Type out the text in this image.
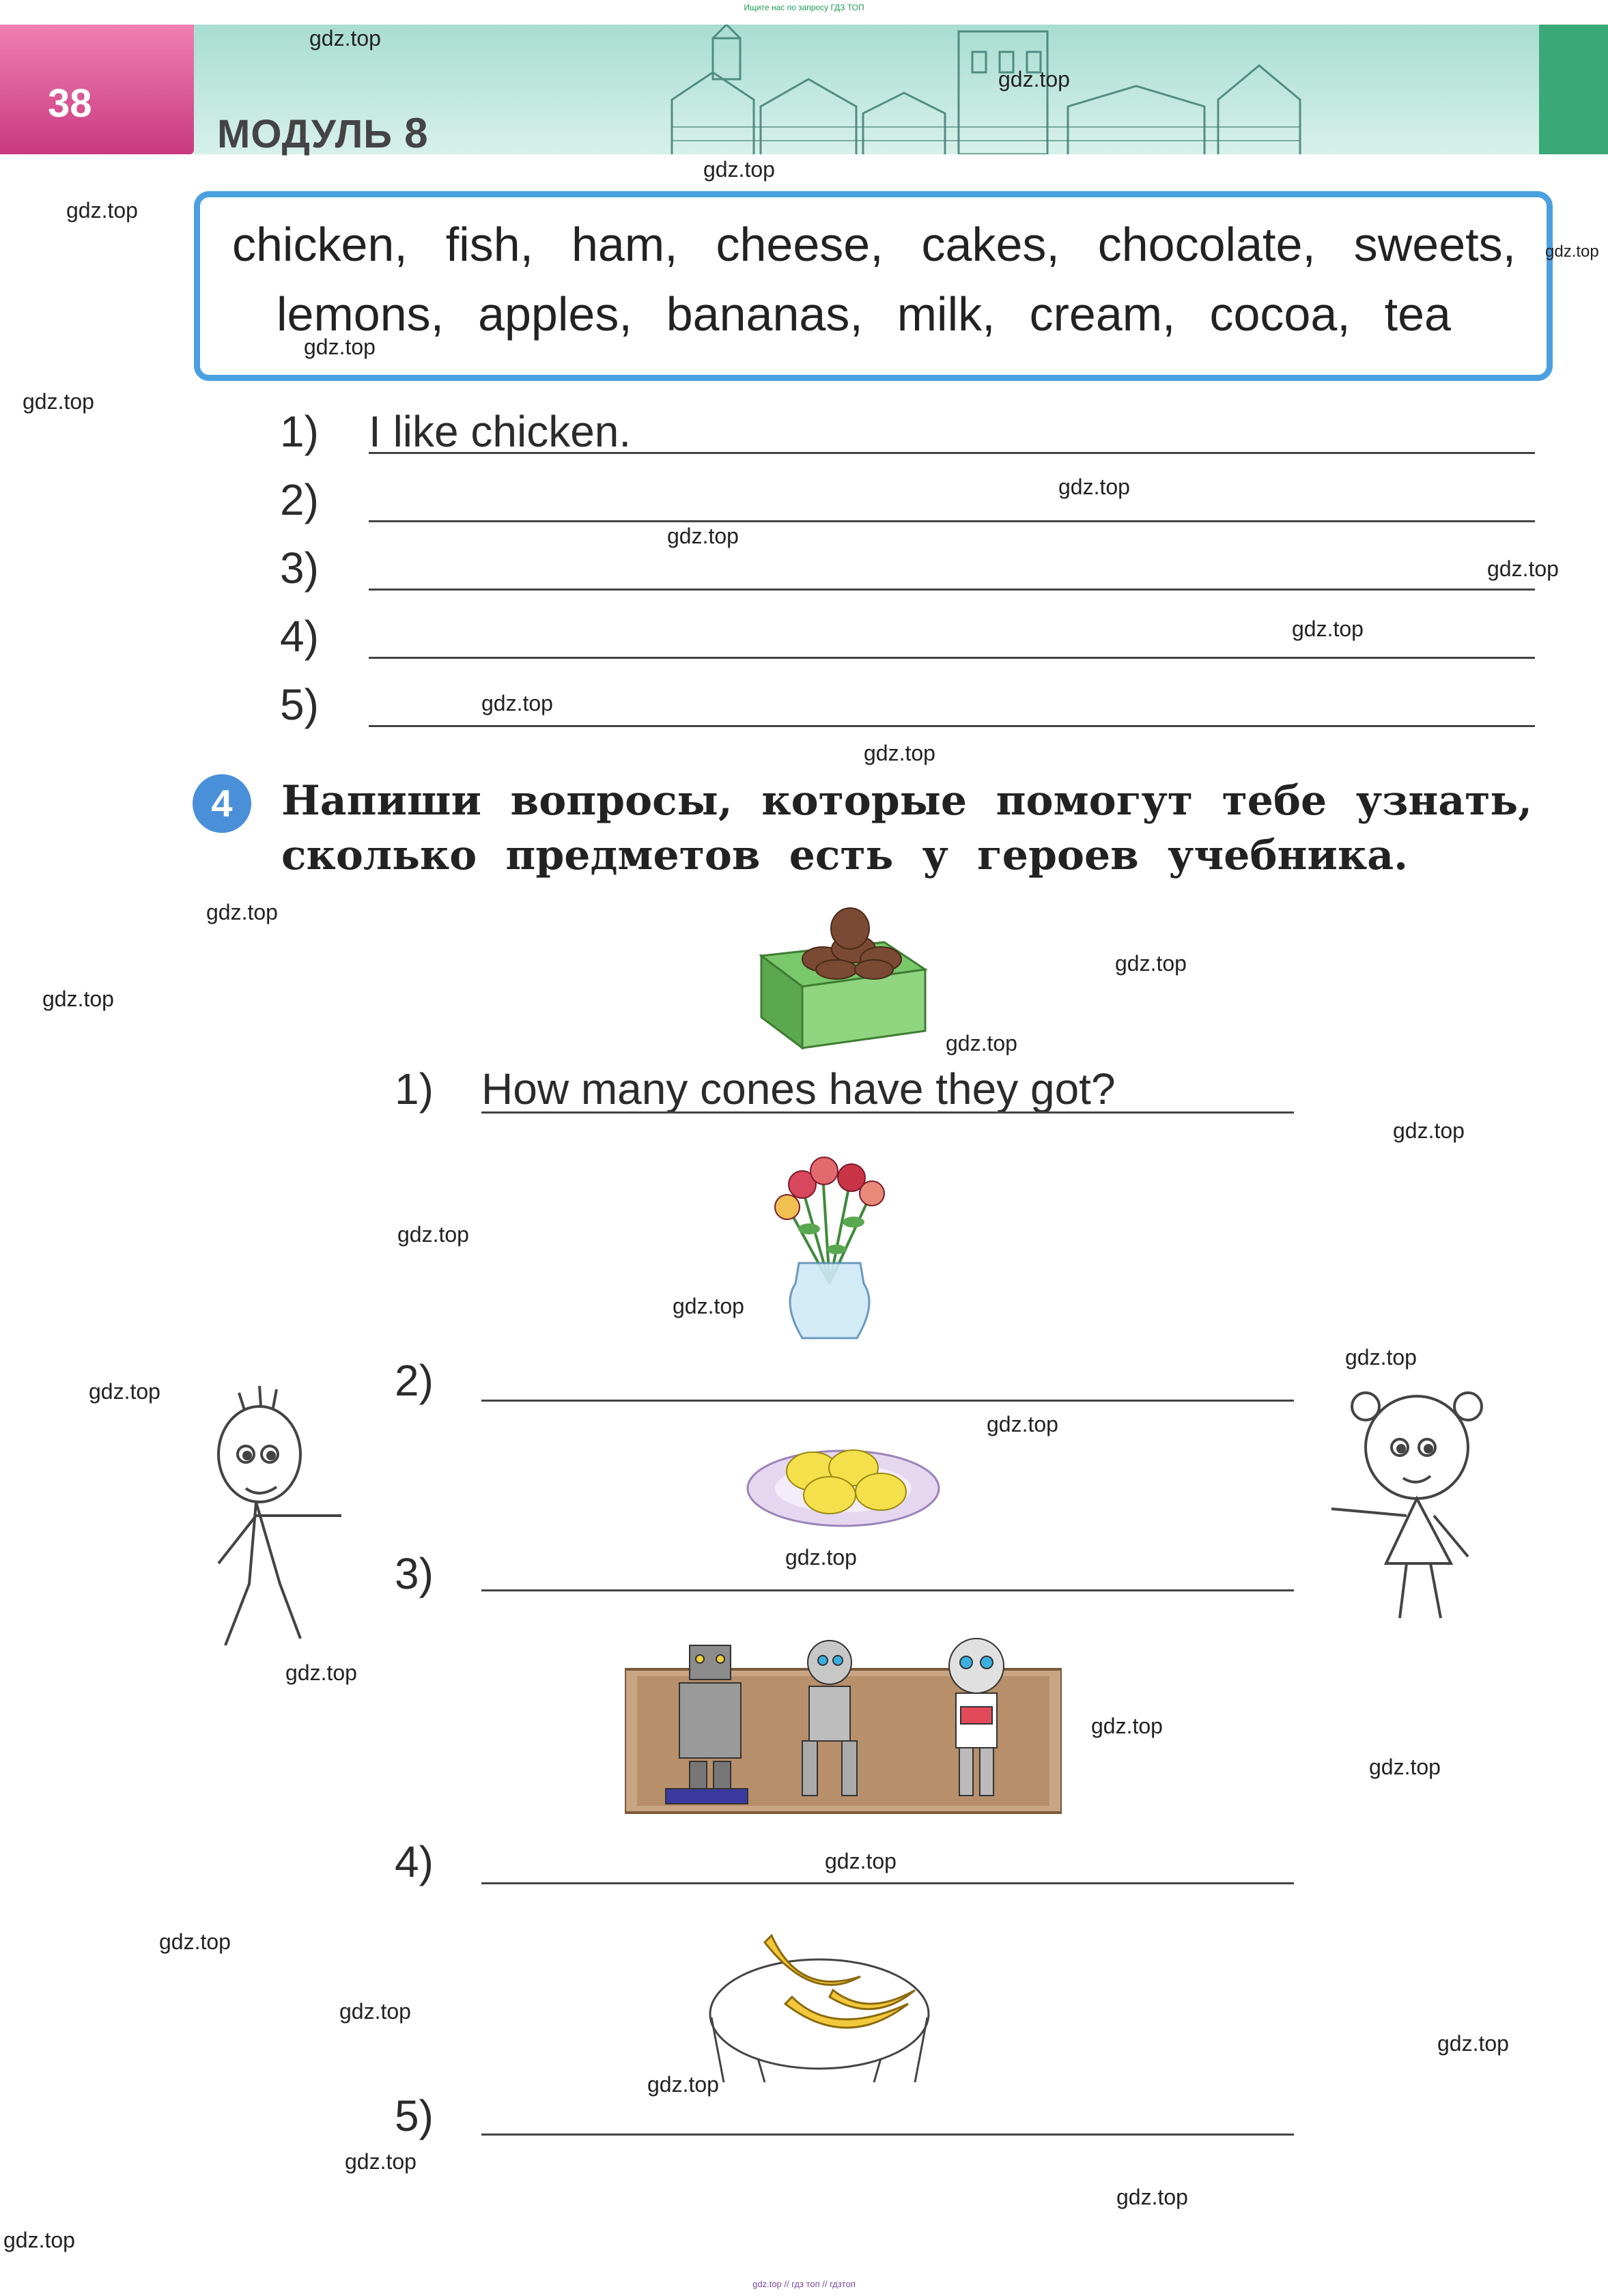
Ищите нас по запросу ГДЗ ТОП
38
МОДУЛЬ 8
chicken, fish, ham, cheese, cakes, chocolate, sweets,
lemons, apples, bananas, milk, cream, cocoa, tea
1) I like chicken.
2)
3)
4)
5)
4	Напиши вопросы, которые помогут тебе узнать,
сколько предметов есть у героев учебника.
1) How many cones have they got?
2)
3)
4)
5)
gdz.top
gdz.top
gdz.top
gdz.top
gdz.top
gdz.top
gdz.top
gdz.top
gdz.top
gdz.top
gdz.top
gdz.top
gdz.top
gdz.top
gdz.top
gdz.top
gdz.top
gdz.top
gdz.top
gdz.top
gdz.top
gdz.top
gdz.top
gdz.top
gdz.top
gdz.top
gdz.top
gdz.top
gdz.top
gdz.top
gdz.top
gdz.top
gdz.top
gdz.top
gdz.top
gdz.top // гдз топ // гдзтоп
